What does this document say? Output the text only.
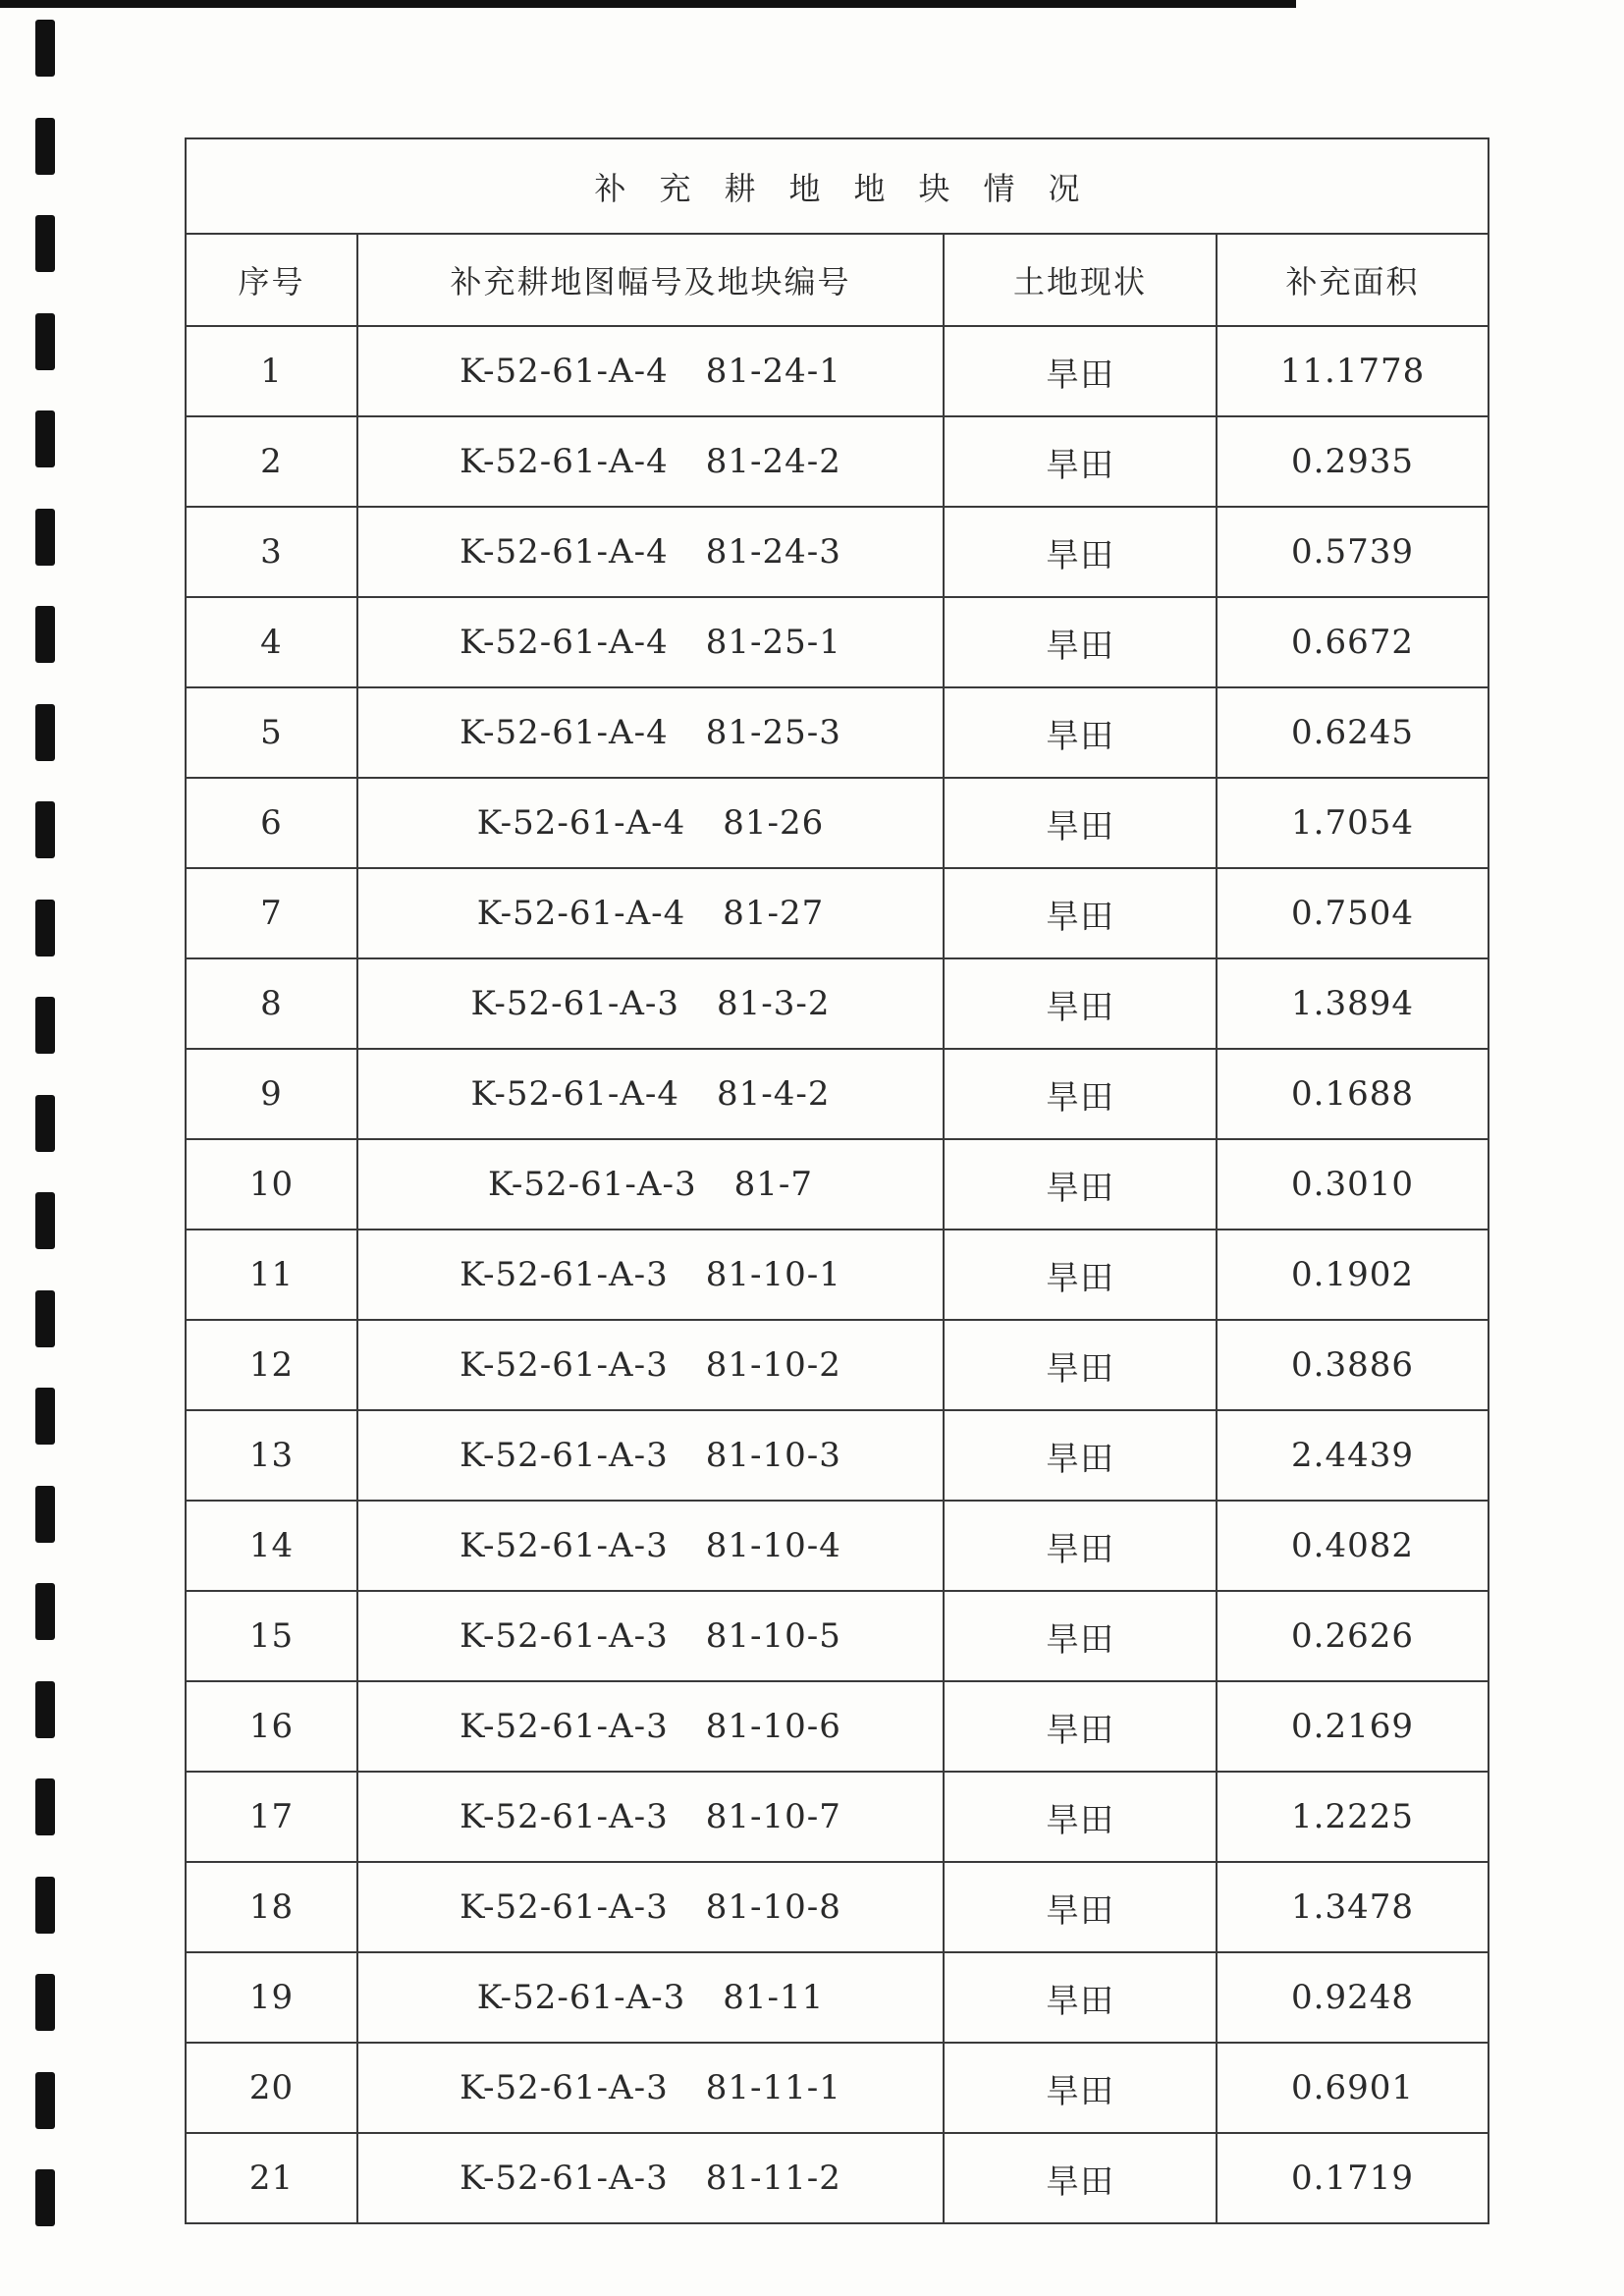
补充耕地地块情况			
序号	补充耕地图幅号及地块编号	土地现状	补充面积
1	K-52-61-A-4 81-24-1	旱田	11.1778
2	K-52-61-A-4 81-24-2	旱田	0.2935
3	K-52-61-A-4 81-24-3	旱田	0.5739
4	K-52-61-A-4 81-25-1	旱田	0.6672
5	K-52-61-A-4 81-25-3	旱田	0.6245
6	K-52-61-A-4 81-26	旱田	1.7054
7	K-52-61-A-4 81-27	旱田	0.7504
8	K-52-61-A-3 81-3-2	旱田	1.3894
9	K-52-61-A-4 81-4-2	旱田	0.1688
10	K-52-61-A-3 81-7	旱田	0.3010
11	K-52-61-A-3 81-10-1	旱田	0.1902
12	K-52-61-A-3 81-10-2	旱田	0.3886
13	K-52-61-A-3 81-10-3	旱田	2.4439
14	K-52-61-A-3 81-10-4	旱田	0.4082
15	K-52-61-A-3 81-10-5	旱田	0.2626
16	K-52-61-A-3 81-10-6	旱田	0.2169
17	K-52-61-A-3 81-10-7	旱田	1.2225
18	K-52-61-A-3 81-10-8	旱田	1.3478
19	K-52-61-A-3 81-11	旱田	0.9248
20	K-52-61-A-3 81-11-1	旱田	0.6901
21	K-52-61-A-3 81-11-2	旱田	0.1719
